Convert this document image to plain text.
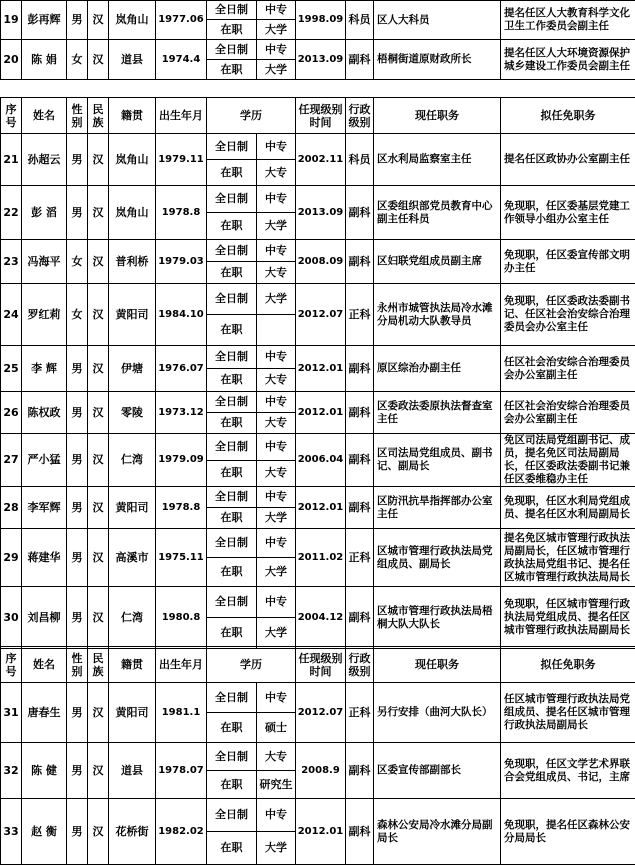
19	彭再辉	男	汉	岚角山	1977.06	全日制	中专	1998.09	科员	区人大科员	提名任区人大教育科学文化卫生工作委员会副主任
						在职	大学				
20	陈 娟	女	汉	道县	1974.4	全日制	中专	2013.09	副科	梧桐街道原财政所长	提名任区人大环境资源保护城乡建设工作委员会副主任
						在职	大学				
序号	姓名	性别	民族	籍贯	出生年月	学历		任现级别时间	行政级别	现任职务	拟任免职务
21	孙超云	男	汉	岚角山	1979.11	全日制	中专	2002.11	科员	区水利局监察室主任	提名任区政协办公室副主任
						在职	大专				
22	彭 滔	男	汉	岚角山	1978.8	全日制	中专	2013.09	副科	区委组织部党员教育中心副主任科员	免现职，任区委基层党建工作领导小组办公室主任
						在职	大学				
23	冯海平	女	汉	普利桥	1979.03	全日制	中专	2008.09	副科	区妇联党组成员副主席	免现职，任区委宣传部文明办主任
						在职	大专				
24	罗红莉	女	汉	黄阳司	1984.10	全日制	大学	2012.07	正科	永州市城管执法局冷水滩分局机动大队教导员	免现职，任区委政法委副书记、任区社会治安综合治理委员会办公室主任
						在职					
25	李 辉	男	汉	伊塘	1976.07	全日制	中专	2012.01	副科	原区综治办副主任	任区社会治安综合治理委员会办公室副主任
						在职	大专				
26	陈权政	男	汉	零陵	1973.12	全日制	中专	2012.01	副科	区委政法委原执法督查室主任	任区社会治安综合治理委员会办公室副主任
						在职	大专				
27	严小猛	男	汉	仁湾	1979.09	全日制	中专	2006.04	副科	区司法局党组成员、副书记、副局长	免区司法局党组副书记、成员，提名免区司法局副局长，任区委政法委副书记兼任区委维稳办主任
						在职	大专				
28	李军辉	男	汉	黄阳司	1978.8	全日制	中专	2012.01	副科	区防汛抗旱指挥部办公室主任	免现职，任区水利局党组成员、提名任区水利局副局长
						在职	大学				
29	蒋建华	男	汉	高溪市	1975.11	全日制	中专	2011.02	正科	区城市管理行政执法局党组成员、副局长	提名免区城市管理行政执法局副局长，任区城市管理行政执法局党组书记、提名任区城市管理行政执法局局长
						在职	大学				
30	刘昌柳	男	汉	仁湾	1980.8	全日制	中专	2004.12	副科	区城市管理行政执法局梧桐大队大队长	免现职，任区城市管理行政执法局党组成员、提名任区城市管理行政执法局副局长
						在职	大学				
序号	姓名	性别	民族	籍贯	出生年月	学历		任现级别时间	行政级别	现任职务	拟任免职务
31	唐春生	男	汉	黄阳司	1981.1	全日制	中专	2012.07	正科	另行安排（曲河大队长）	任区城市管理行政执法局党组成员、提名任区城市管理行政执法局副局长
						在职	硕士				
32	陈 健	男	汉	道县	1978.07	全日制	大专	2008.9	副科	区委宣传部副部长	免现职，任区文学艺术界联合会党组成员、书记，主席
						在职	研究生				
33	赵 衡	男	汉	花桥街	1982.02	全日制	中专	2012.01	副科	森林公安局冷水滩分局副局长	免现职，提名任区森林公安分局局长
						在职	大学				
